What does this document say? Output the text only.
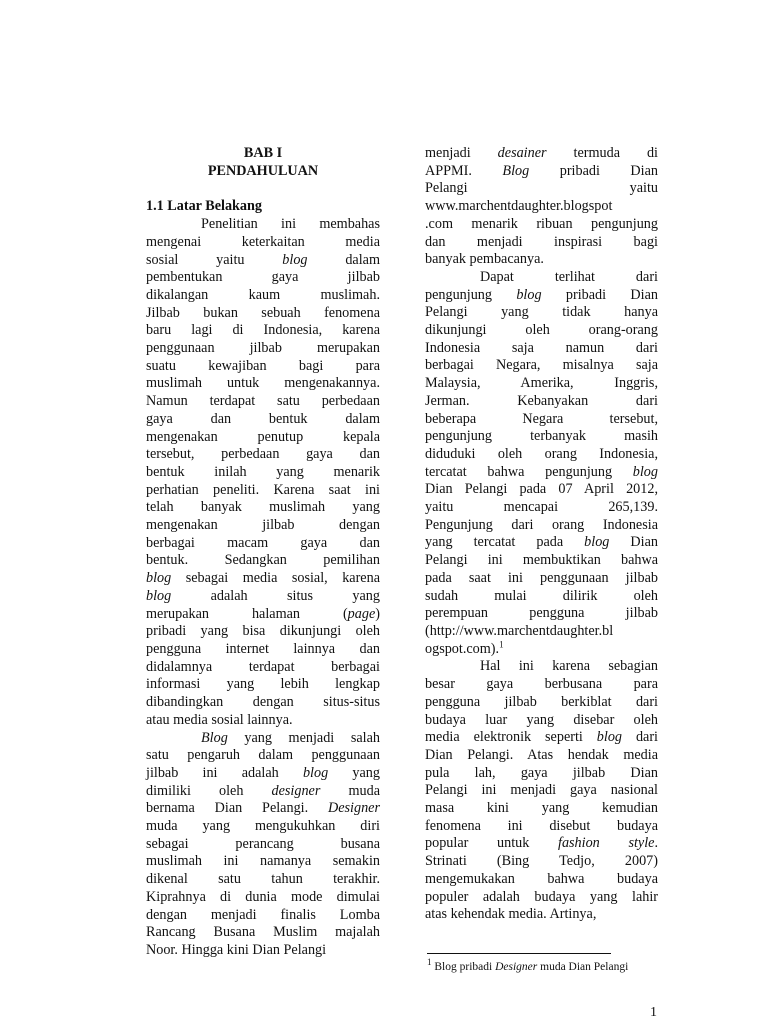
BAB I

PENDAHULUAN

1.1 Latar Belakang

Penelitian ini membahas
mengenai keterkaitan media
sosial yaitu blog dalam
pembentukan gaya jilbab
dikalangan kaum muslimah.
Jilbab bukan sebuah fenomena
baru lagi di Indonesia, karena
penggunaan jilbab merupakan
suatu kewajiban bagi para
muslimah untuk mengenakannya.
Namun terdapat satu perbedaan
gaya dan bentuk dalam
mengenakan penutup kepala
tersebut, perbedaan gaya dan
bentuk inilah yang menarik
perhatian peneliti. Karena saat ini
telah banyak muslimah yang
mengenakan jilbab dengan
berbagai macam gaya dan
bentuk. Sedangkan pemilihan
blog sebagai media sosial, karena
blog adalah situs yang
merupakan halaman (page)
pribadi yang bisa dikunjungi oleh
pengguna internet lainnya dan
didalamnya terdapat berbagai
informasi yang lebih lengkap
dibandingkan dengan situs-situs
atau media sosial lainnya.
Blog yang menjadi salah
satu pengaruh dalam penggunaan
jilbab ini adalah blog yang
dimiliki oleh designer muda
bernama Dian Pelangi. Designer
muda yang mengukuhkan diri
sebagai perancang busana
muslimah ini namanya semakin
dikenal satu tahun terakhir.
Kiprahnya di dunia mode dimulai
dengan menjadi finalis Lomba
Rancang Busana Muslim majalah
Noor. Hingga kini Dian Pelangi
menjadi desainer termuda di
APPMI. Blog pribadi Dian
Pelangi yaitu
www.marchentdaughter.blogspot
.com menarik ribuan pengunjung
dan menjadi inspirasi bagi
banyak pembacanya.
Dapat terlihat dari
pengunjung blog pribadi Dian
Pelangi yang tidak hanya
dikunjungi oleh orang-orang
Indonesia saja namun dari
berbagai Negara, misalnya saja
Malaysia, Amerika, Inggris,
Jerman. Kebanyakan dari
beberapa Negara tersebut,
pengunjung terbanyak masih
diduduki oleh orang Indonesia,
tercatat bahwa pengunjung blog
Dian Pelangi pada 07 April 2012,
yaitu mencapai 265,139.
Pengunjung dari orang Indonesia
yang tercatat pada blog Dian
Pelangi ini membuktikan bahwa
pada saat ini penggunaan jilbab
sudah mulai dilirik oleh
perempuan pengguna jilbab
(http://www.marchentdaughter.bl
ogspot.com).$^1$
Hal ini karena sebagian
besar gaya berbusana para
pengguna jilbab berkiblat dari
budaya luar yang disebar oleh
media elektronik seperti blog dari
Dian Pelangi. Atas hendak media
pula lah, gaya jilbab Dian
Pelangi ini menjadi gaya nasional
masa kini yang kemudian
fenomena ini disebut budaya
popular untuk fashion style.
Strinati (Bing Tedjo, 2007)
mengemukakan bahwa budaya
populer adalah budaya yang lahir
atas kehendak media. Artinya,
$^1$ Blog pribadi Designer muda Dian Pelangi
1
